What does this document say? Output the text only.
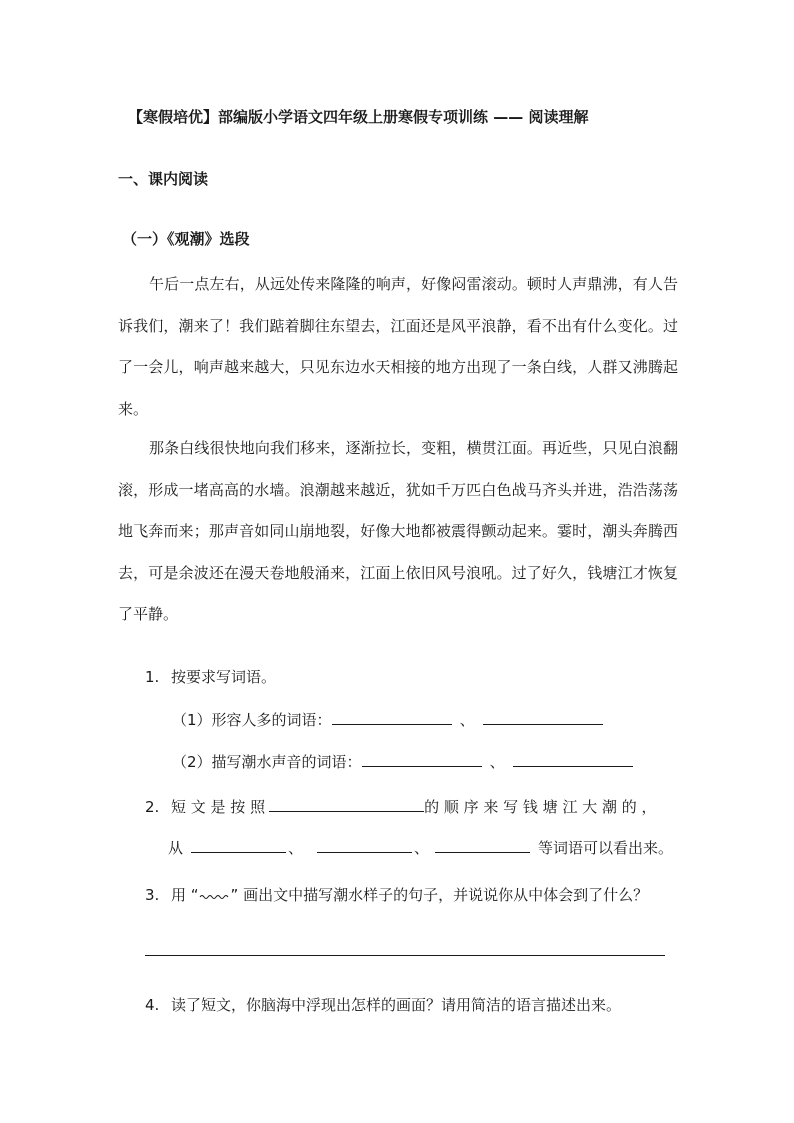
【寒假培优】部编版小学语文四年级上册寒假专项训练 —— 阅读理解
一、课内阅读
（一）《观潮》选段
午后一点左右，从远处传来隆隆的响声，好像闷雷滚动。顿时人声鼎沸，有人告诉我们，潮来了！我们踮着脚往东望去，江面还是风平浪静，看不出有什么变化。过了一会儿，响声越来越大，只见东边水天相接的地方出现了一条白线，人群又沸腾起来。
那条白线很快地向我们移来，逐渐拉长，变粗，横贯江面。再近些，只见白浪翻滚，形成一堵高高的水墙。浪潮越来越近，犹如千万匹白色战马齐头并进，浩浩荡荡地飞奔而来；那声音如同山崩地裂，好像大地都被震得颤动起来。霎时，潮头奔腾西去，可是余波还在漫天卷地般涌来，江面上依旧风号浪吼。过了好久，钱塘江才恢复了平静。
1. 按要求写词语。
（1）形容人多的词语：	、
（2）描写潮水声音的词语：	、
2. 短 文 是 按 照	的 顺 序 来 写 钱 塘 江 大 潮 的 ，
从	、	、	等词语可以看出来。
3. 用 “ ” 画出文中描写潮水样子的句子，并说说你从中体会到了什么？
4. 读了短文，你脑海中浮现出怎样的画面？请用简洁的语言描述出来。
